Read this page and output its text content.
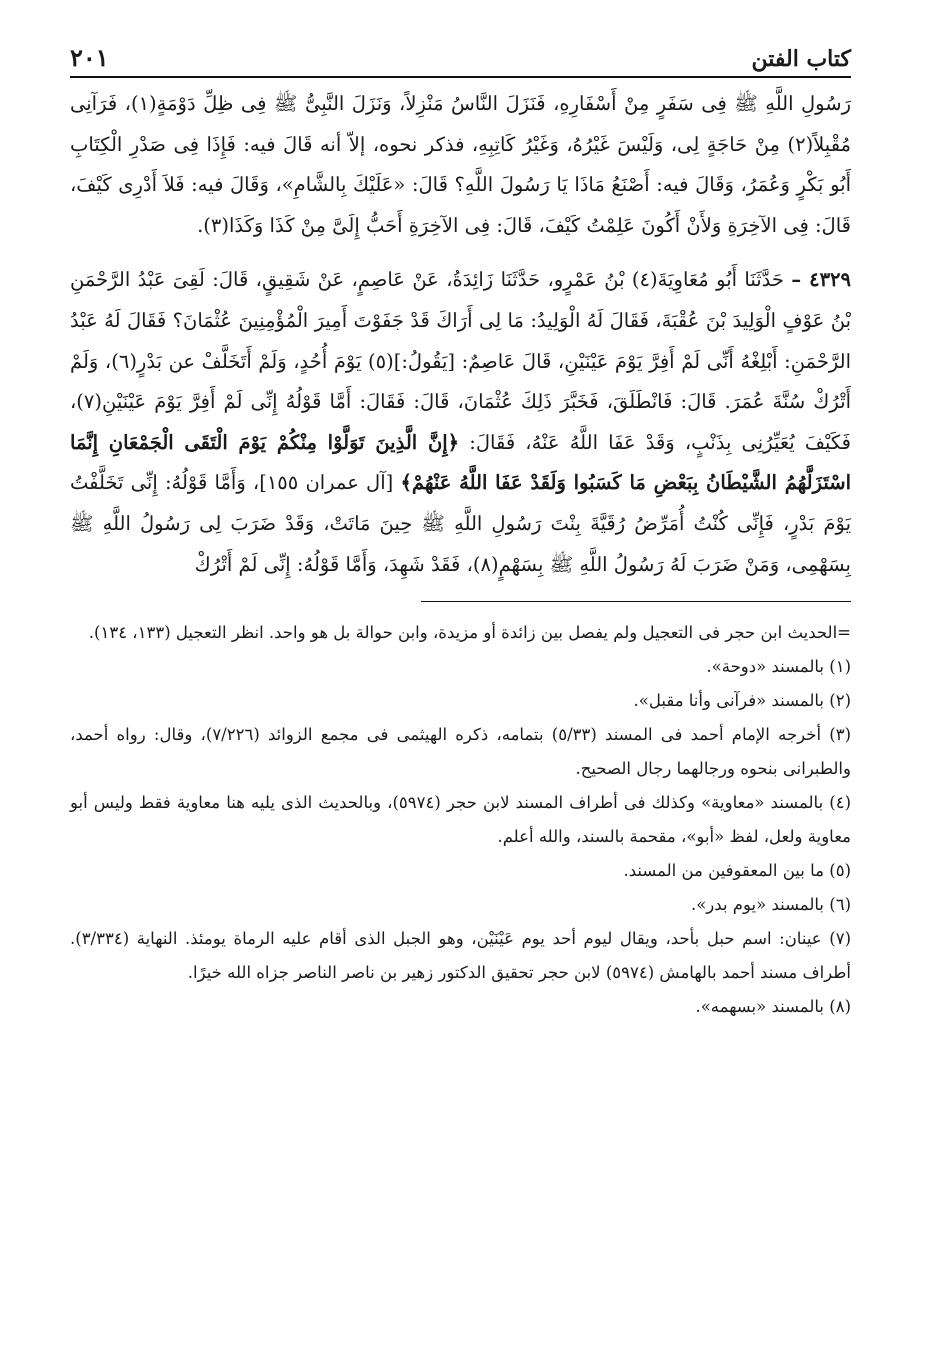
كتاب الفتن
٢٠١

رَسُولِ اللَّهِ ﷺ فِى سَفَرٍ مِنْ أَسْفَارِهِ، فَنَزَلَ النَّاسُ مَنْزِلاً، وَنَزَلَ النَّبِىُّ ﷺ فِى ظِلِّ دَوْمَةٍ(١)، فَرَآنِى مُقْبِلاً(٢) مِنْ حَاجَةٍ لِى، وَلَيْسَ غَيْرُهُ، وَغَيْرُ كَاتِبِهِ، فذكر نحوه، إلاّ أنه قَالَ فيه: فَإِذَا فِى صَدْرِ الْكِتَابِ أَبُو بَكْرٍ وَعُمَرُ، وَقَالَ فيه: أَصْنَعُ مَاذَا يَا رَسُولَ اللَّهِ؟ قَالَ: «عَلَيْكَ بِالشَّامِ»، وَقَالَ فيه: فَلاَ أَدْرِى كَيْفَ، قَالَ: فِى الآخِرَةِ وَلأَنْ أَكُونَ عَلِمْتُ كَيْفَ، قَالَ: فِى الآخِرَةِ أَحَبُّ إِلَىَّ مِنْ كَذَا وَكَذَا(٣).

٤٣٢٩ – حَدَّثَنَا أَبُو مُعَاوِيَةَ(٤) بْنُ عَمْرٍو، حَدَّثَنَا زَائِدَةُ، عَنْ عَاصِمٍ، عَنْ شَقِيقٍ، قَالَ: لَقِىَ عَبْدُ الرَّحْمَنِ بْنُ عَوْفٍ الْوَلِيدَ بْنَ عُقْبَةَ، فَقَالَ لَهُ الْوَلِيدُ: مَا لِى أَرَاكَ قَدْ جَفَوْتَ أَمِيرَ الْمُؤْمِنِينَ عُثْمَانَ؟ فَقَالَ لَهُ عَبْدُ الرَّحْمَنِ: أَبْلِغْهُ أَنِّى لَمْ أَفِرَّ يَوْمَ عَيْنَيْنِ، قَالَ عَاصِمٌ: [يَقُولُ:](٥) يَوْمَ أُحُدٍ، وَلَمْ أَتَخَلَّفْ عن بَدْرٍ(٦)، وَلَمْ أَتْرُكْ سُنَّةَ عُمَرَ. قَالَ: فَانْطَلَقَ، فَخَبَّرَ ذَلِكَ عُثْمَانَ، قَالَ: فَقَالَ: أَمَّا قَوْلُهُ إِنِّى لَمْ أَفِرَّ يَوْمَ عَيْنَيْنِ(٧)، فَكَيْفَ يُعَيِّرُنِى بِذَنْبٍ، وَقَدْ عَفَا اللَّهُ عَنْهُ، فَقَالَ: ﴿إِنَّ الَّذِينَ تَوَلَّوْا مِنْكُمْ يَوْمَ الْتَقَى الْجَمْعَانِ إِنَّمَا اسْتَزَلَّهُمُ الشَّيْطَانُ بِبَعْضِ مَا كَسَبُوا وَلَقَدْ عَفَا اللَّهُ عَنْهُمْ﴾ [آل عمران ١٥٥]، وَأَمَّا قَوْلُهُ: إِنِّى تَخَلَّفْتُ يَوْمَ بَدْرٍ، فَإِنِّى كُنْتُ أُمَرِّضُ رُقَيَّةَ بِنْتَ رَسُولِ اللَّهِ ﷺ حِينَ مَاتَتْ، وَقَدْ ضَرَبَ لِى رَسُولُ اللَّهِ ﷺ بِسَهْمِى، وَمَنْ ضَرَبَ لَهُ رَسُولُ اللَّهِ ﷺ بِسَهْمٍ(٨)، فَقَدْ شَهِدَ، وَأَمَّا قَوْلُهُ: إِنِّى لَمْ أَتْرُكْ

=الحديث ابن حجر فى التعجيل ولم يفصل بين زائدة أو مزيدة، وابن حوالة بل هو واحد. انظر التعجيل (١٣٣، ١٣٤).

(١) بالمسند «دوحة».

(٢) بالمسند «فرآنى وأنا مقبل».

(٣) أخرجه الإمام أحمد فى المسند (٥/٣٣) بتمامه، ذكره الهيثمى فى مجمع الزوائد (٧/٢٢٦)، وقال: رواه أحمد، والطبرانى بنحوه ورجالهما رجال الصحيح.

(٤) بالمسند «معاوية» وكذلك فى أطراف المسند لابن حجر (٥٩٧٤)، وبالحديث الذى يليه هنا معاوية فقط وليس أبو معاوية ولعل، لفظ «أبو»، مقحمة بالسند، والله أعلم.

(٥) ما بين المعقوفين من المسند.

(٦) بالمسند «يوم بدر».

(٧) عينان: اسم حبل بأحد، ويقال ليوم أحد يوم عَيْنَيْن، وهو الجبل الذى أقام عليه الرماة يومئذ. النهاية (٣/٣٣٤). أطراف مسند أحمد بالهامش (٥٩٧٤) لابن حجر تحقيق الدكتور زهير بن ناصر الناصر جزاه الله خيرًا.

(٨) بالمسند «بسهمه».
